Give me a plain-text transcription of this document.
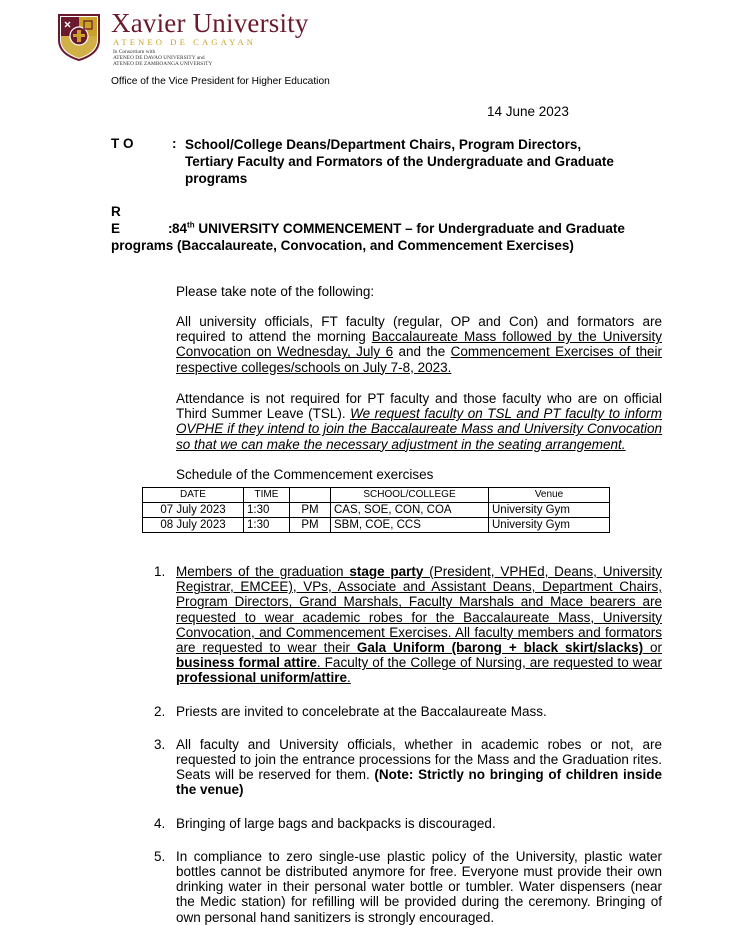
Xavier University
ATENEO DE CAGAYAN
In Consortium with
ATENEO DE DAVAO UNIVERSITY and
ATENEO DE ZAMBOANGA UNIVERSITY
Office of the Vice President for Higher Education
14 June 2023
T O	: School/College Deans/Department Chairs, Program Directors, Tertiary Faculty and Formators of the Undergraduate and Graduate programs
R E	:84th UNIVERSITY COMMENCEMENT – for Undergraduate and Graduate programs (Baccalaureate, Convocation, and Commencement Exercises)
Please take note of the following:
All university officials, FT faculty (regular, OP and Con) and formators are required to attend the morning Baccalaureate Mass followed by the University Convocation on Wednesday, July 6 and the Commencement Exercises of their respective colleges/schools on July 7-8, 2023.
Attendance is not required for PT faculty and those faculty who are on official Third Summer Leave (TSL). We request faculty on TSL and PT faculty to inform OVPHE if they intend to join the Baccalaureate Mass and University Convocation so that we can make the necessary adjustment in the seating arrangement.
Schedule of the Commencement exercises
DATE	TIME		SCHOOL/COLLEGE	Venue
07 July 2023	1:30	PM	CAS, SOE, CON, COA	University Gym
08 July 2023	1:30	PM	SBM, COE, CCS	University Gym
1. Members of the graduation stage party (President, VPHEd, Deans, University Registrar, EMCEE), VPs, Associate and Assistant Deans, Department Chairs, Program Directors, Grand Marshals, Faculty Marshals and Mace bearers are requested to wear academic robes for the Baccalaureate Mass, University Convocation, and Commencement Exercises. All faculty members and formators are requested to wear their Gala Uniform (barong + black skirt/slacks) or business formal attire. Faculty of the College of Nursing, are requested to wear professional uniform/attire.
2. Priests are invited to concelebrate at the Baccalaureate Mass.
3. All faculty and University officials, whether in academic robes or not, are requested to join the entrance processions for the Mass and the Graduation rites. Seats will be reserved for them. (Note: Strictly no bringing of children inside the venue)
4. Bringing of large bags and backpacks is discouraged.
5. In compliance to zero single-use plastic policy of the University, plastic water bottles cannot be distributed anymore for free. Everyone must provide their own drinking water in their personal water bottle or tumbler. Water dispensers (near the Medic station) for refilling will be provided during the ceremony. Bringing of own personal hand sanitizers is strongly encouraged.
